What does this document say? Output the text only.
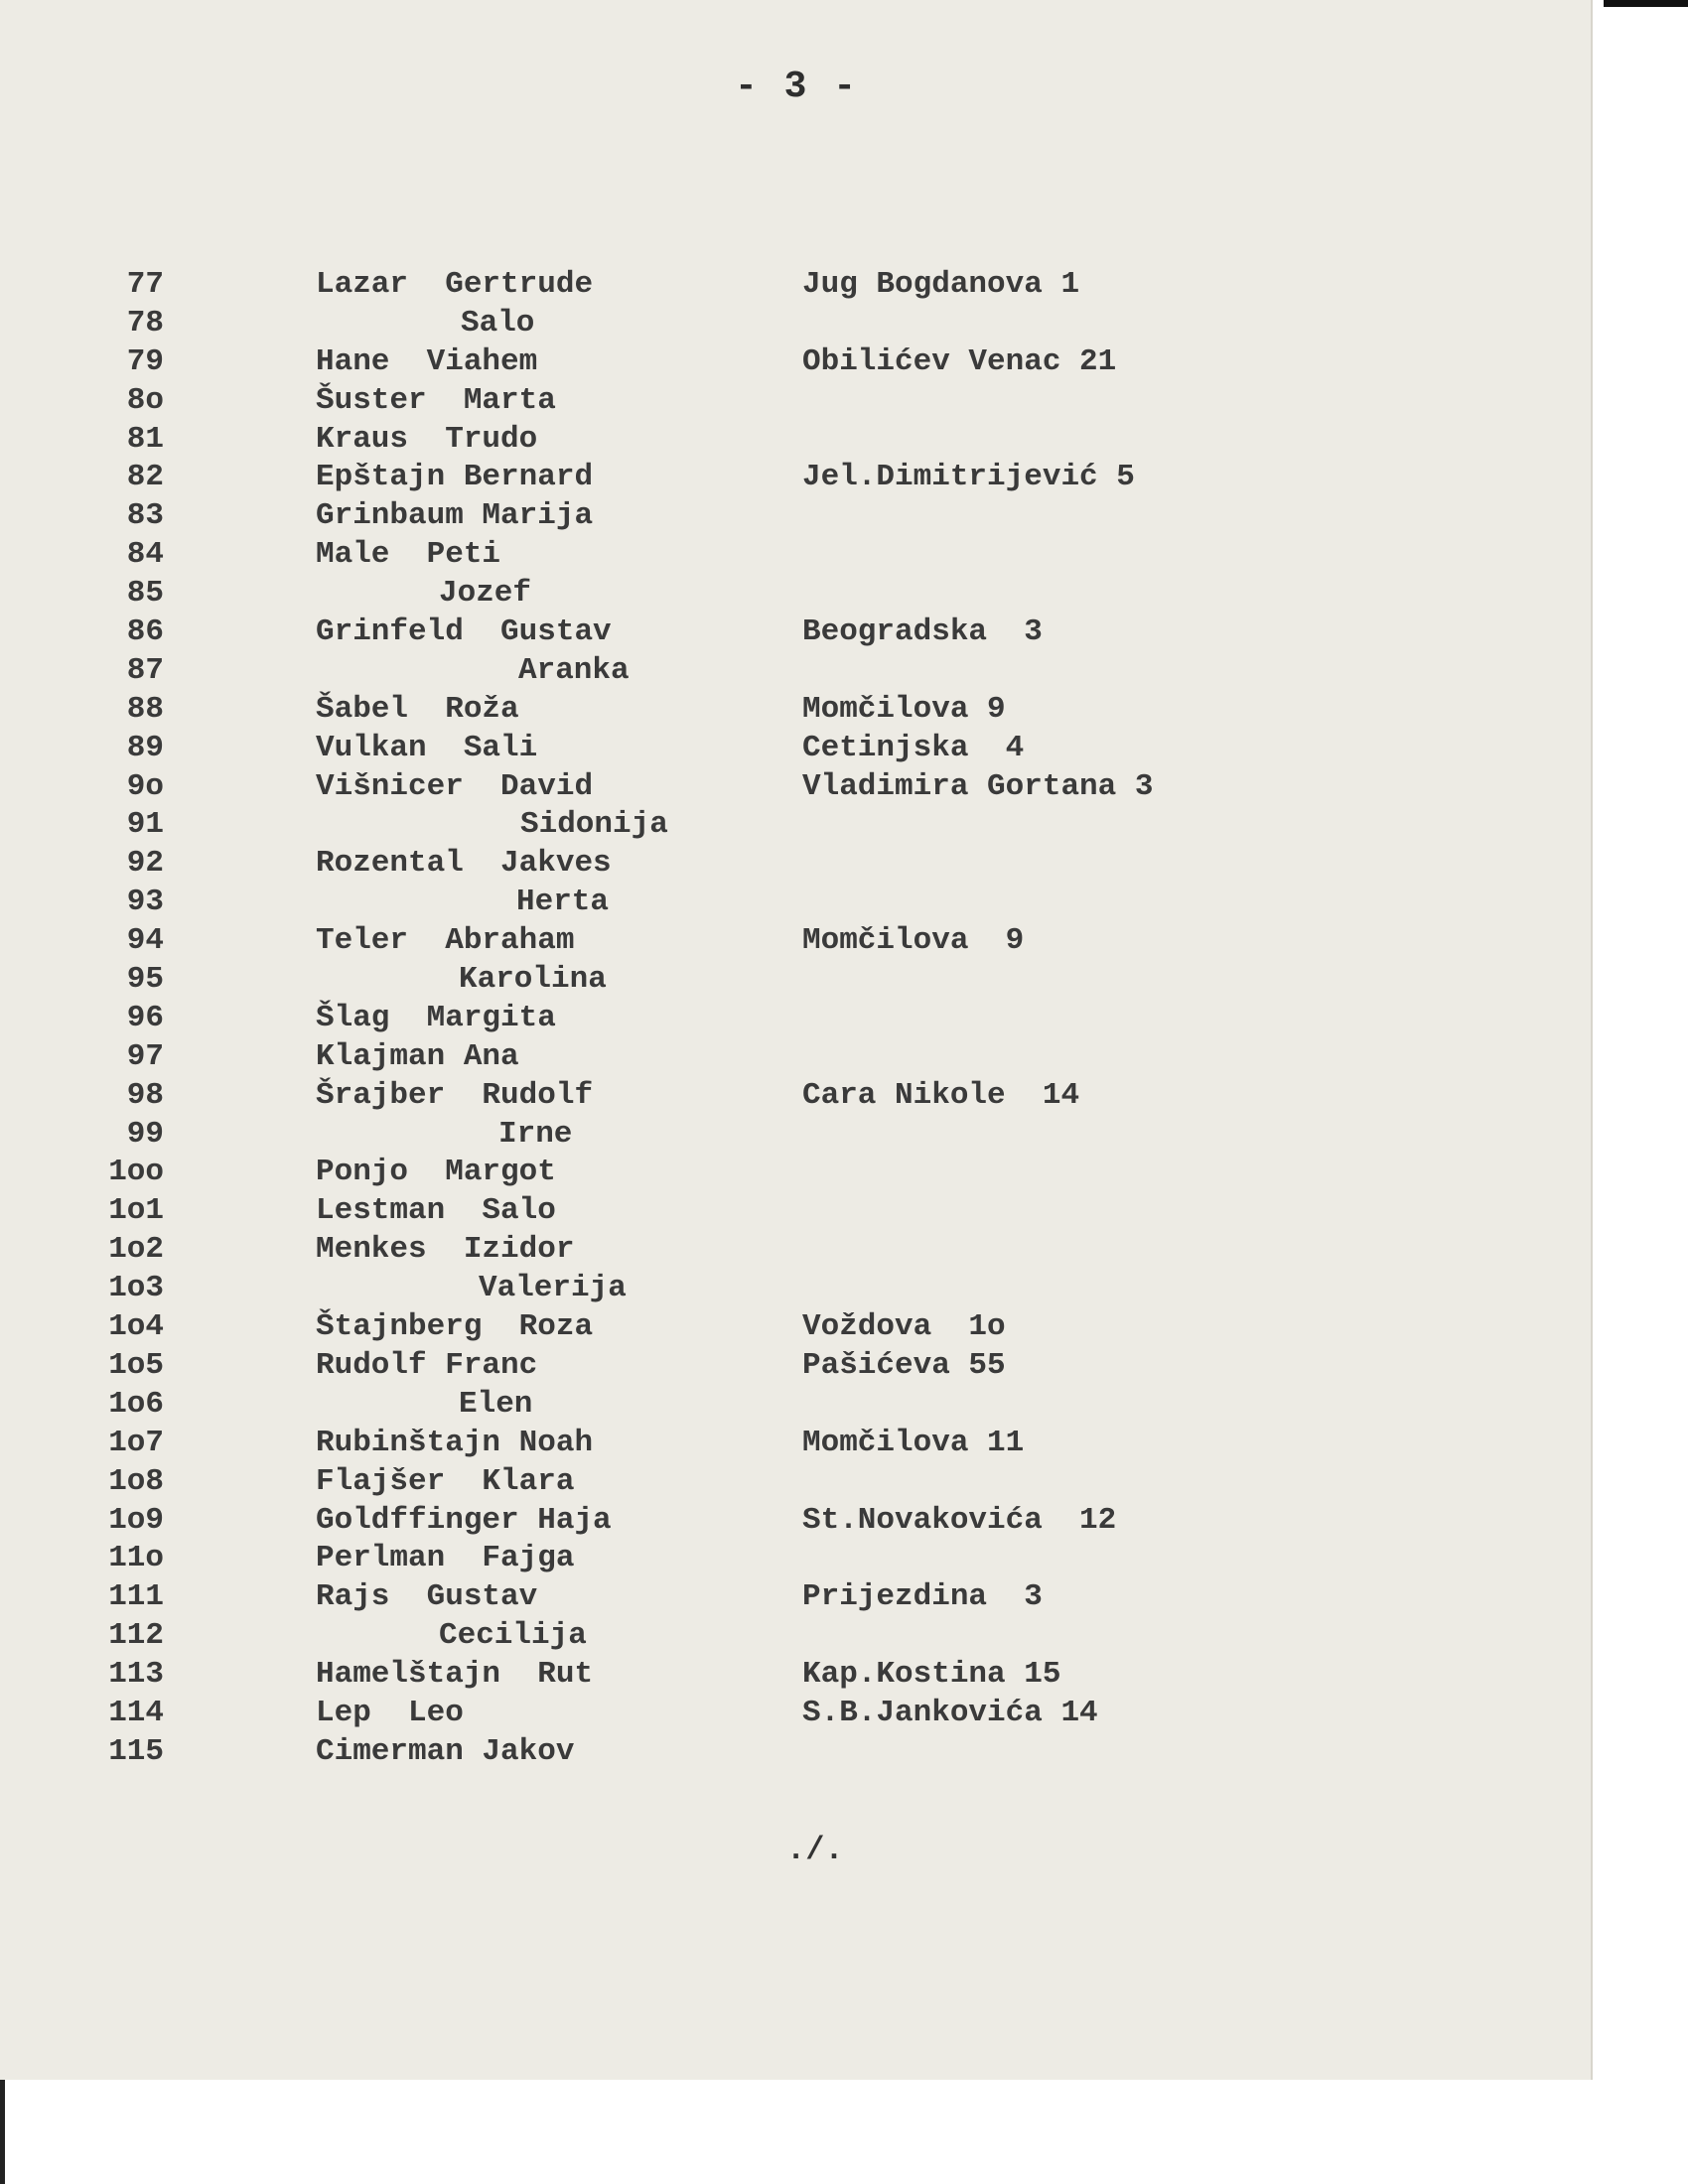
- 3 -
77	Lazar  Gertrude	Jug Bogdanova 1
78	Salo
79	Hane  Viahem	Obilićev Venac 21
8o	Šuster  Marta
81	Kraus  Trudo
82	Epštajn Bernard	Jel.Dimitrijević 5
83	Grinbaum Marija
84	Male  Peti
85	Jozef
86	Grinfeld  Gustav	Beogradska  3
87	Aranka
88	Šabel  Roža	Momčilova 9
89	Vulkan  Sali	Cetinjska  4
9o	Višnicer  David	Vladimira Gortana 3
91	Sidonija
92	Rozental  Jakves
93	Herta
94	Teler  Abraham	Momčilova  9
95	Karolina
96	Šlag  Margita
97	Klajman Ana
98	Šrajber  Rudolf	Cara Nikole  14
99	Irne
1oo	Ponjo  Margot
1o1	Lestman  Salo
1o2	Menkes  Izidor
1o3	Valerija
1o4	Štajnberg  Roza	Voždova  1o
1o5	Rudolf Franc	Pašićeva 55
1o6	Elen
1o7	Rubinštajn Noah	Momčilova 11
1o8	Flajšer  Klara
1o9	Goldffinger Haja	St.Novakovića  12
11o	Perlman  Fajga
111	Rajs  Gustav	Prijezdina  3
112	Cecilija
113	Hamelštajn  Rut	Kap.Kostina 15
114	Lep  Leo	S.B.Jankovića 14
115	Cimerman Jakov
./.
